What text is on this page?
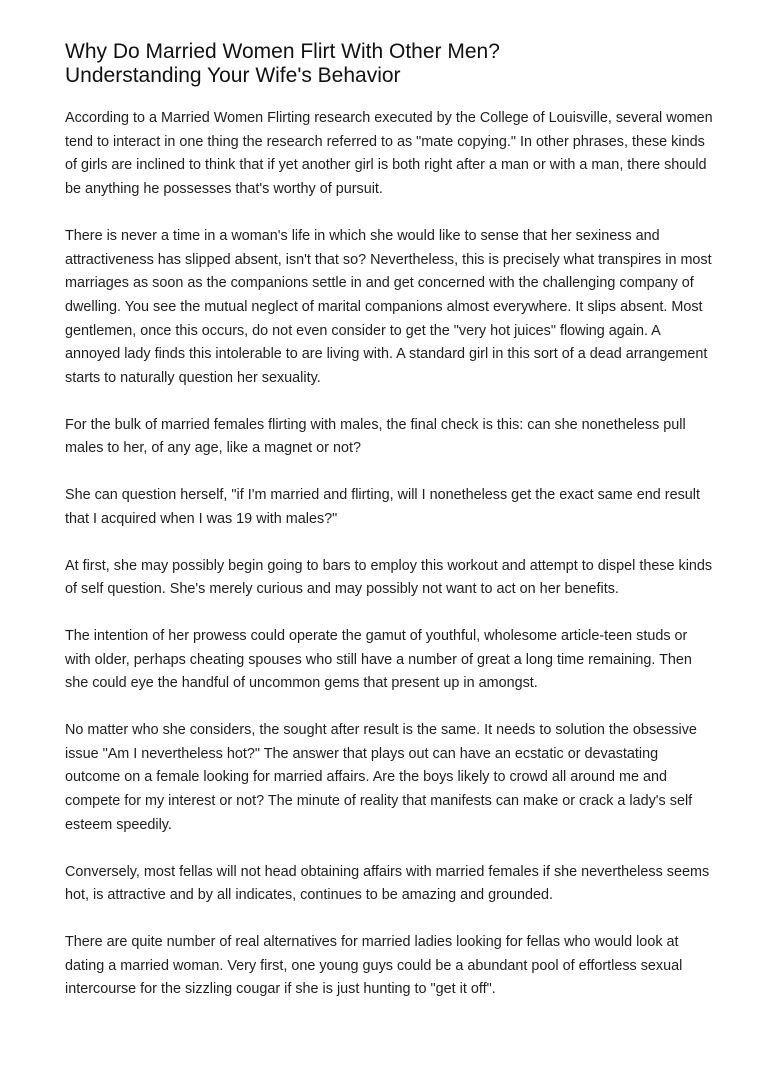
Why Do Married Women Flirt With Other Men?
Understanding Your Wife's Behavior

According to a Married Women Flirting research executed by the College of Louisville, several women tend to interact in one thing the research referred to as "mate copying." In other phrases, these kinds of girls are inclined to think that if yet another girl is both right after a man or with a man, there should be anything he possesses that's worthy of pursuit.

There is never a time in a woman's life in which she would like to sense that her sexiness and attractiveness has slipped absent, isn't that so? Nevertheless, this is precisely what transpires in most marriages as soon as the companions settle in and get concerned with the challenging company of dwelling. You see the mutual neglect of marital companions almost everywhere. It slips absent. Most gentlemen, once this occurs, do not even consider to get the "very hot juices" flowing again. A annoyed lady finds this intolerable to are living with. A standard girl in this sort of a dead arrangement starts to naturally question her sexuality.

For the bulk of married females flirting with males, the final check is this: can she nonetheless pull males to her, of any age, like a magnet or not?

She can question herself, "if I'm married and flirting, will I nonetheless get the exact same end result that I acquired when I was 19 with males?"

At first, she may possibly begin going to bars to employ this workout and attempt to dispel these kinds of self question. She's merely curious and may possibly not want to act on her benefits.

The intention of her prowess could operate the gamut of youthful, wholesome article-teen studs or with older, perhaps cheating spouses who still have a number of great a long time remaining. Then she could eye the handful of uncommon gems that present up in amongst.

No matter who she considers, the sought after result is the same. It needs to solution the obsessive issue "Am I nevertheless hot?" The answer that plays out can have an ecstatic or devastating outcome on a female looking for married affairs. Are the boys likely to crowd all around me and compete for my interest or not? The minute of reality that manifests can make or crack a lady's self esteem speedily.

Conversely, most fellas will not head obtaining affairs with married females if she nevertheless seems hot, is attractive and by all indicates, continues to be amazing and grounded.

There are quite number of real alternatives for married ladies looking for fellas who would look at dating a married woman. Very first, one young guys could be a abundant pool of effortless sexual intercourse for the sizzling cougar if she is just hunting to "get it off".
